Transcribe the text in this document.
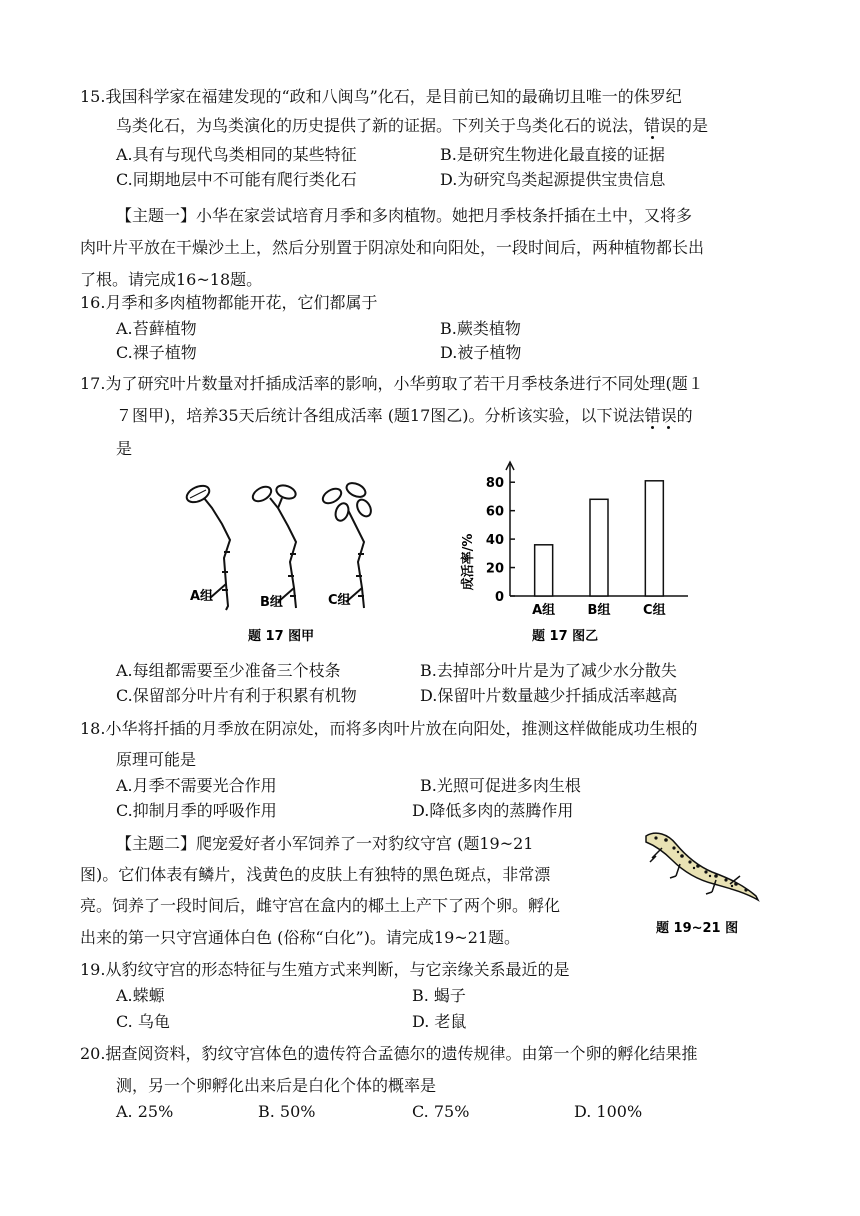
15.我国科学家在福建发现的“政和八闽鸟”化石，是目前已知的最确切且唯一的侏罗纪
鸟类化石，为鸟类演化的历史提供了新的证据。下列关于鸟类化石的说法，错误的是
A.具有与现代鸟类相同的某些特征	B.是研究生物进化最直接的证据
C.同期地层中不可能有爬行类化石	D.为研究鸟类起源提供宝贵信息
【主题一】小华在家尝试培育月季和多肉植物。她把月季枝条扦插在土中，又将多
肉叶片平放在干燥沙土上，然后分别置于阴凉处和向阳处，一段时间后，两种植物都长出
了根。请完成16~18题。
16.月季和多肉植物都能开花，它们都属于
A.苔藓植物	B.蕨类植物
C.裸子植物	D.被子植物
17.为了研究叶片数量对扦插成活率的影响，小华剪取了若干月季枝条进行不同处理(题１
７图甲)，培养35天后统计各组成活率 (题17图乙)。分析该实验，以下说法错误的
是
A组	B组	C组
题 17 图甲
0
20
40
60
80
A组 B组	C组
成活率/%
题 17 图乙
A.每组都需要至少准备三个枝条	B.去掉部分叶片是为了减少水分散失
C.保留部分叶片有利于积累有机物	D.保留叶片数量越少扦插成活率越高
18.小华将扦插的月季放在阴凉处，而将多肉叶片放在向阳处，推测这样做能成功生根的
原理可能是
A.月季不需要光合作用	B.光照可促进多肉生根
C.抑制月季的呼吸作用	D.降低多肉的蒸腾作用
【主题二】爬宠爱好者小军饲养了一对豹纹守宫 (题19~21
图)。它们体表有鳞片，浅黄色的皮肤上有独特的黑色斑点，非常漂
亮。饲养了一段时间后，雌守宫在盒内的椰土上产下了两个卵。孵化
出来的第一只守宫通体白色 (俗称“白化”)。请完成19~21题。	题 19~21 图
19.从豹纹守宫的形态特征与生殖方式来判断，与它亲缘关系最近的是
A.蝾螈	B. 蝎子
C. 乌龟	D. 老鼠
20.据查阅资料，豹纹守宫体色的遗传符合孟德尔的遗传规律。由第一个卵的孵化结果推
测，另一个卵孵化出来后是白化个体的概率是
A. 25%	B. 50%	C. 75%	D. 100%
